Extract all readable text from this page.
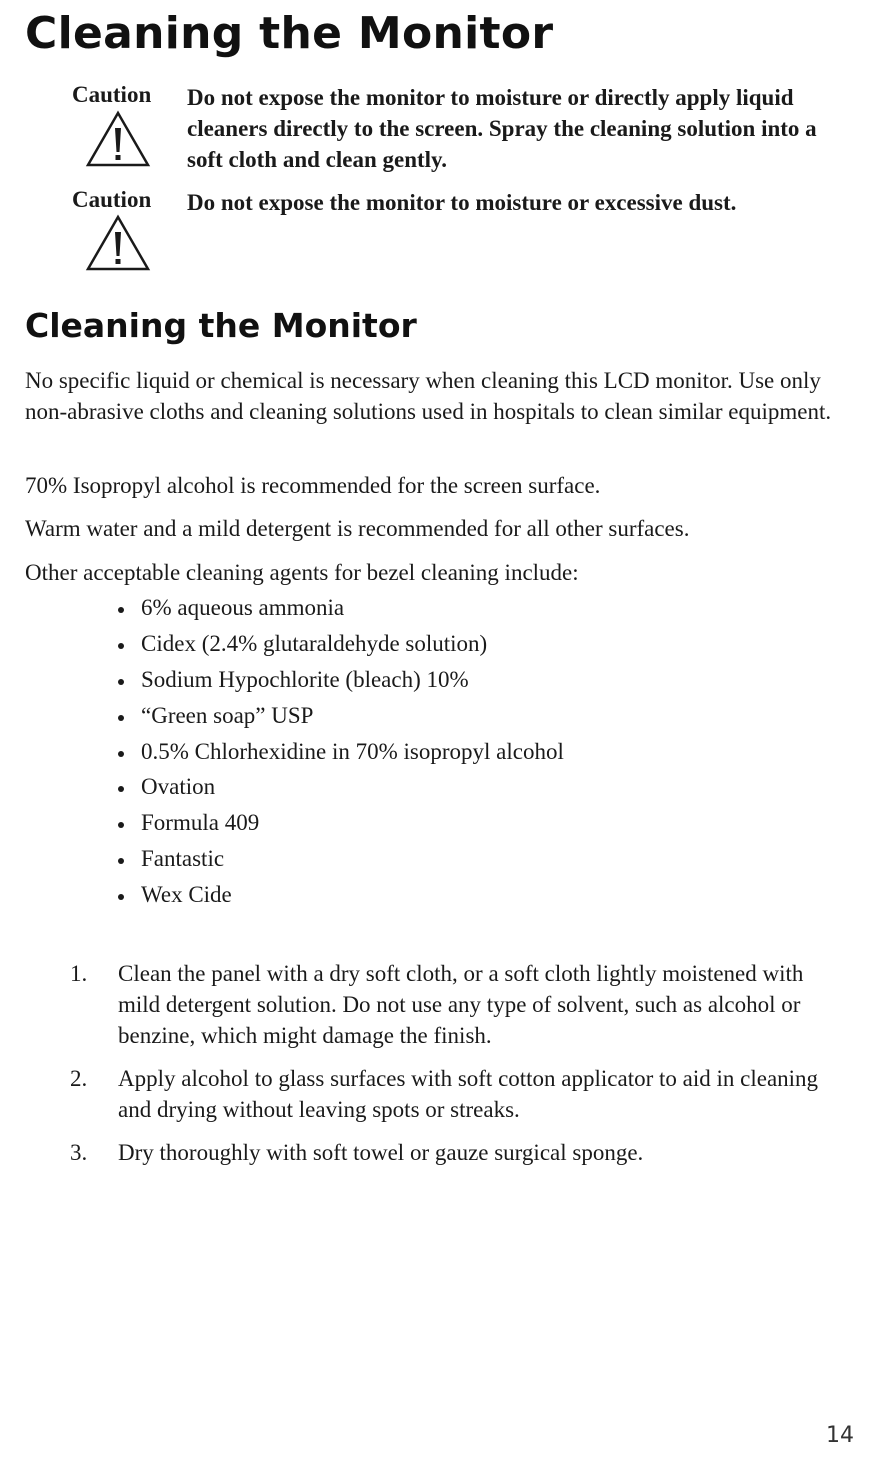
Cleaning the Monitor
Caution Do not expose the monitor to moisture or directly apply liquid cleaners directly to the screen. Spray the cleaning solution into a soft cloth and clean gently.
Caution Do not expose the monitor to moisture or excessive dust.
Cleaning the Monitor

No specific liquid or chemical is necessary when cleaning this LCD monitor. Use only non-abrasive cloths and cleaning solutions used in hospitals to clean similar equipment.

70% Isopropyl alcohol is recommended for the screen surface.

Warm water and a mild detergent is recommended for all other surfaces.

Other acceptable cleaning agents for bezel cleaning include:

6% aqueous ammonia
Cidex (2.4% glutaraldehyde solution)
Sodium Hypochlorite (bleach) 10%
“Green soap” USP
0.5% Chlorhexidine in 70% isopropyl alcohol
Ovation
Formula 409
Fantastic
Wex Cide
1. Clean the panel with a dry soft cloth, or a soft cloth lightly moistened with mild detergent solution. Do not use any type of solvent, such as alcohol or benzine, which might damage the finish.
2. Apply alcohol to glass surfaces with soft cotton applicator to aid in cleaning and drying without leaving spots or streaks.
3. Dry thoroughly with soft towel or gauze surgical sponge.
14
